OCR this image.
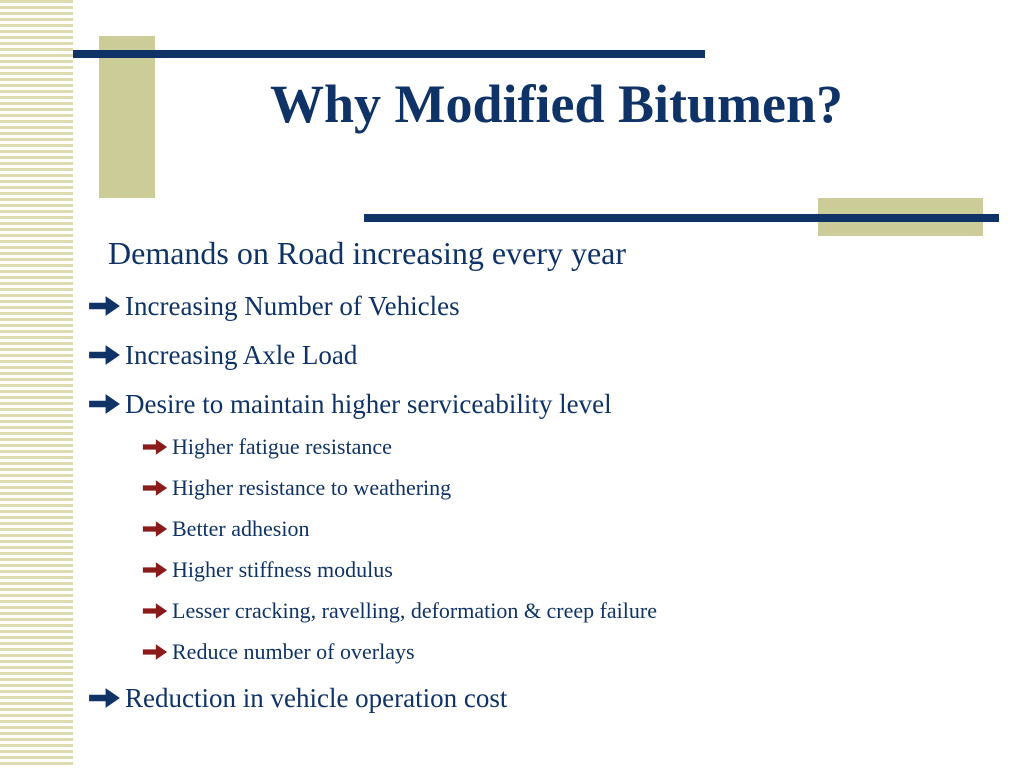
Why Modified Bitumen?
Demands on Road increasing every year
Increasing Number of Vehicles
Increasing Axle Load
Desire to maintain higher serviceability level
Higher fatigue resistance
Higher resistance to weathering
Better adhesion
Higher stiffness modulus
Lesser cracking, ravelling, deformation & creep failure
Reduce number of overlays
Reduction in vehicle operation cost
